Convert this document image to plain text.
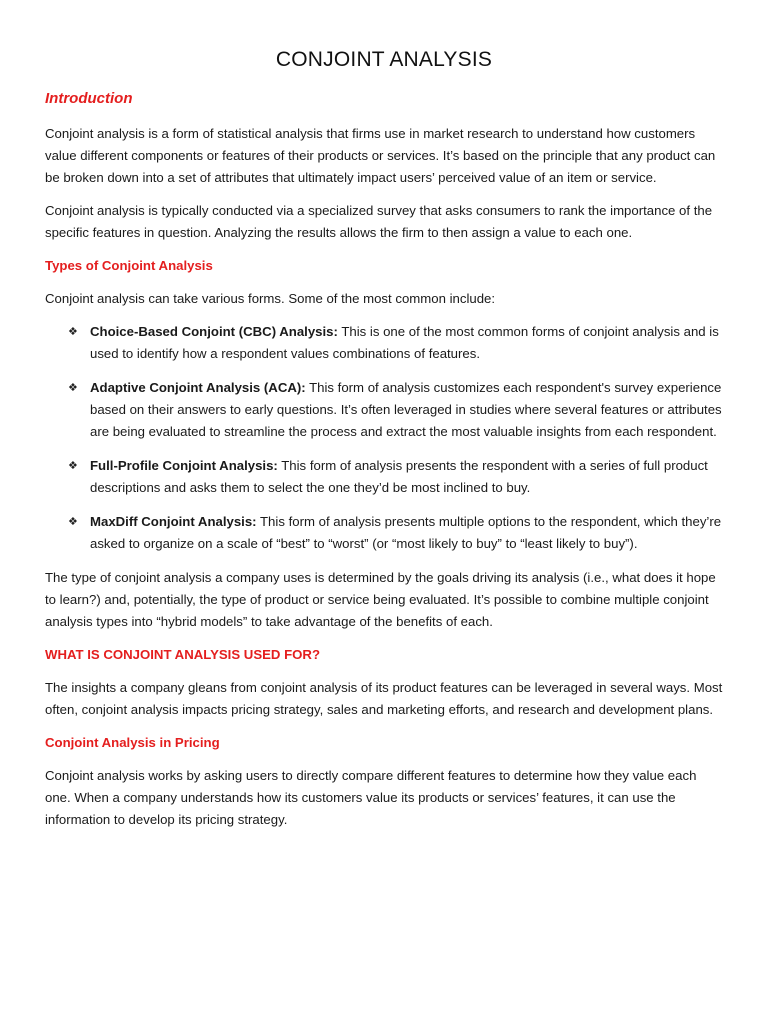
CONJOINT ANALYSIS
Introduction

Conjoint analysis is a form of statistical analysis that firms use in market research to understand how customers value different components or features of their products or services. It’s based on the principle that any product can be broken down into a set of attributes that ultimately impact users’ perceived value of an item or service.

Conjoint analysis is typically conducted via a specialized survey that asks consumers to rank the importance of the specific features in question. Analyzing the results allows the firm to then assign a value to each one.

Types of Conjoint Analysis

Conjoint analysis can take various forms. Some of the most common include:

❖ Choice-Based Conjoint (CBC) Analysis: This is one of the most common forms of conjoint analysis and is used to identify how a respondent values combinations of features.
❖ Adaptive Conjoint Analysis (ACA): This form of analysis customizes each respondent's survey experience based on their answers to early questions. It’s often leveraged in studies where several features or attributes are being evaluated to streamline the process and extract the most valuable insights from each respondent.
❖ Full-Profile Conjoint Analysis: This form of analysis presents the respondent with a series of full product descriptions and asks them to select the one they’d be most inclined to buy.
❖ MaxDiff Conjoint Analysis: This form of analysis presents multiple options to the respondent, which they’re asked to organize on a scale of “best” to “worst” (or “most likely to buy” to “least likely to buy”).

The type of conjoint analysis a company uses is determined by the goals driving its analysis (i.e., what does it hope to learn?) and, potentially, the type of product or service being evaluated. It’s possible to combine multiple conjoint analysis types into “hybrid models” to take advantage of the benefits of each.

WHAT IS CONJOINT ANALYSIS USED FOR?

The insights a company gleans from conjoint analysis of its product features can be leveraged in several ways. Most often, conjoint analysis impacts pricing strategy, sales and marketing efforts, and research and development plans.

Conjoint Analysis in Pricing

Conjoint analysis works by asking users to directly compare different features to determine how they value each one. When a company understands how its customers value its products or services’ features, it can use the information to develop its pricing strategy.
